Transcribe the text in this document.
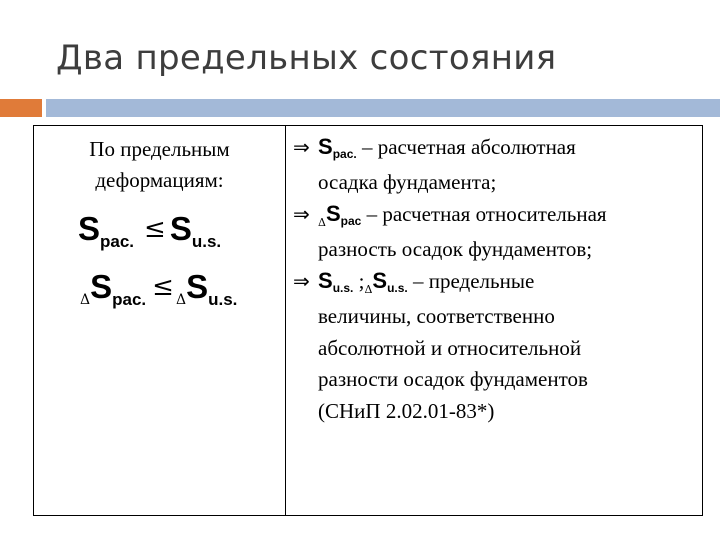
Два предельных состояния
По предельным
деформациям:
$S_{рас.} \le S_{u.s.}$
$\Delta S_{рас.} \le \Delta S_{u.s.}$
⇒ Sрас. – расчетная абсолютная
осадка фундамента;
⇒ $_\Delta$Sрас – расчетная относительная
разность осадок фундаментов;
⇒ Su.s. $;_\Delta Su.s$. – предельные
величины, соответственно
абсолютной и относительной
разности осадок фундаментов
(СНиП 2.02.01-83*)
